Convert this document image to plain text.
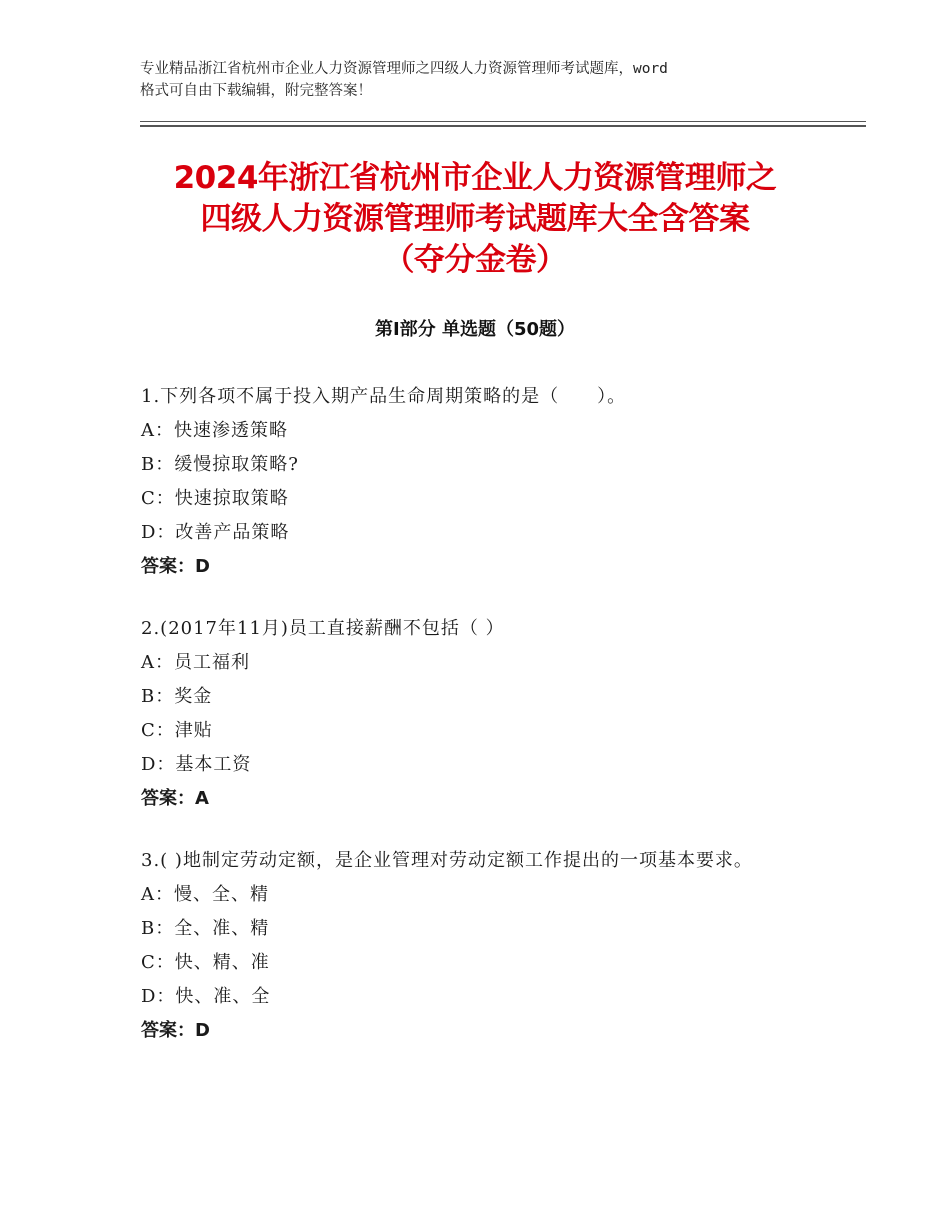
专业精品浙江省杭州市企业人力资源管理师之四级人力资源管理师考试题库，word
格式可自由下载编辑，附完整答案！
2024年浙江省杭州市企业人力资源管理师之
四级人力资源管理师考试题库大全含答案
（夺分金卷）
第Ⅰ部分 单选题（50题）

1.下列各项不属于投入期产品生命周期策略的是（　　）。

A：快速渗透策略

B：缓慢掠取策略?

C：快速掠取策略

D：改善产品策略

答案：D

2.(2017年11月)员工直接薪酬不包括（ ）

A：员工福利

B：奖金

C：津贴

D：基本工资

答案：A

3.( )地制定劳动定额，是企业管理对劳动定额工作提出的一项基本要求。

A：慢、全、精

B：全、准、精

C：快、精、准

D：快、准、全

答案：D
